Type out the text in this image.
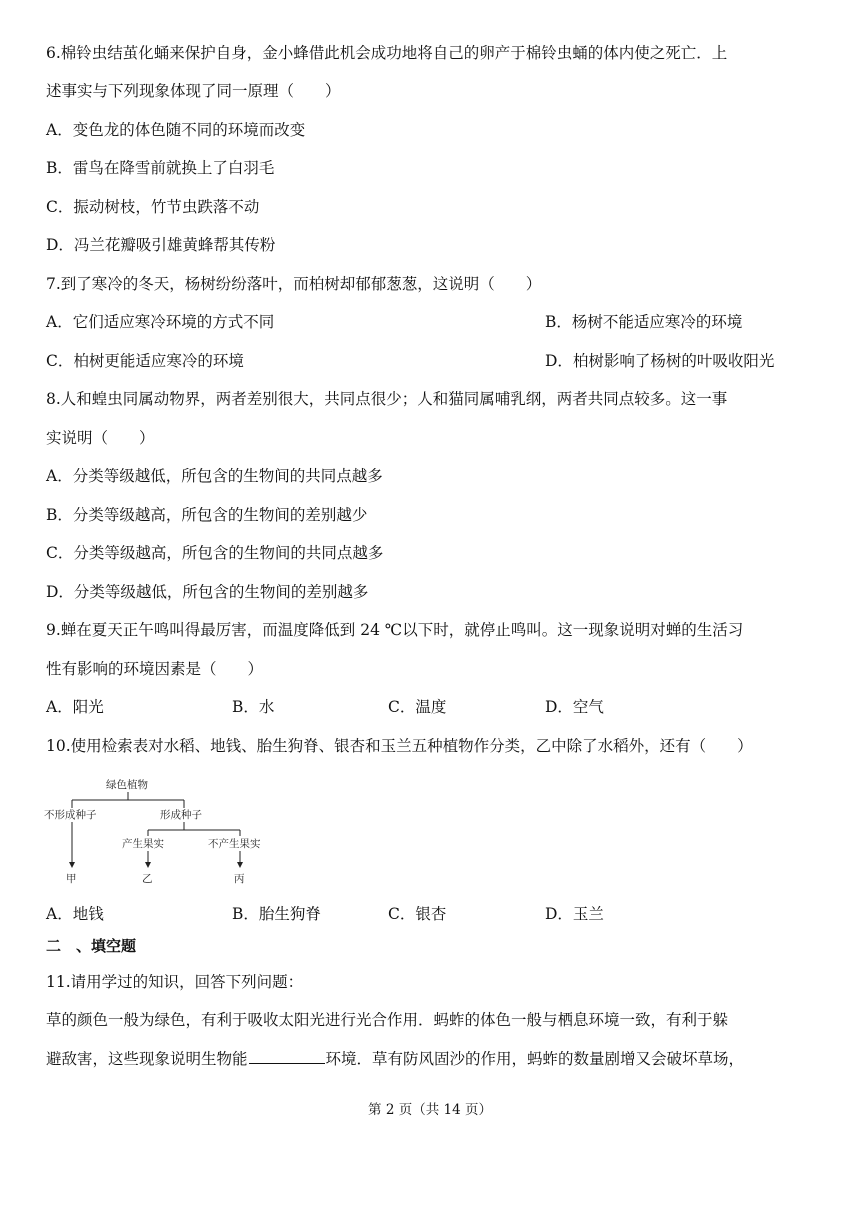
6.棉铃虫结茧化蛹来保护自身，金小蜂借此机会成功地将自己的卵产于棉铃虫蛹的体内使之死亡．上
述事实与下列现象体现了同一原理（　　）
A．变色龙的体色随不同的环境而改变
B．雷鸟在降雪前就换上了白羽毛
C．振动树枝，竹节虫跌落不动
D．冯兰花瓣吸引雄黄蜂帮其传粉
7.到了寒冷的冬天，杨树纷纷落叶，而柏树却郁郁葱葱，这说明（　　）
A．它们适应寒冷环境的方式不同	B．杨树不能适应寒冷的环境
C．柏树更能适应寒冷的环境	D．柏树影响了杨树的叶吸收阳光
8.人和蝗虫同属动物界，两者差别很大，共同点很少；人和猫同属哺乳纲，两者共同点较多。这一事
实说明（　　）
A．分类等级越低，所包含的生物间的共同点越多
B．分类等级越高，所包含的生物间的差别越少
C．分类等级越高，所包含的生物间的共同点越多
D．分类等级越低，所包含的生物间的差别越多
9.蝉在夏天正午鸣叫得最厉害，而温度降低到 24 ℃以下时，就停止鸣叫。这一现象说明对蝉的生活习
性有影响的环境因素是（　　）
A．阳光	B．水	C．温度	D．空气
10.使用检索表对水稻、地钱、胎生狗脊、银杏和玉兰五种植物作分类，乙中除了水稻外，还有（　　）
绿色植物
不形成种子	形成种子
产生果实	不产生果实
甲	乙	丙
A．地钱	B．胎生狗脊	C．银杏	D．玉兰
二　、填空题
11.请用学过的知识，回答下列问题：
草的颜色一般为绿色，有利于吸收太阳光进行光合作用．蚂蚱的体色一般与栖息环境一致，有利于躲
避敌害，这些现象说明生物能	环境．草有防风固沙的作用，蚂蚱的数量剧增又会破坏草场，
第 2 页（共 14 页）
